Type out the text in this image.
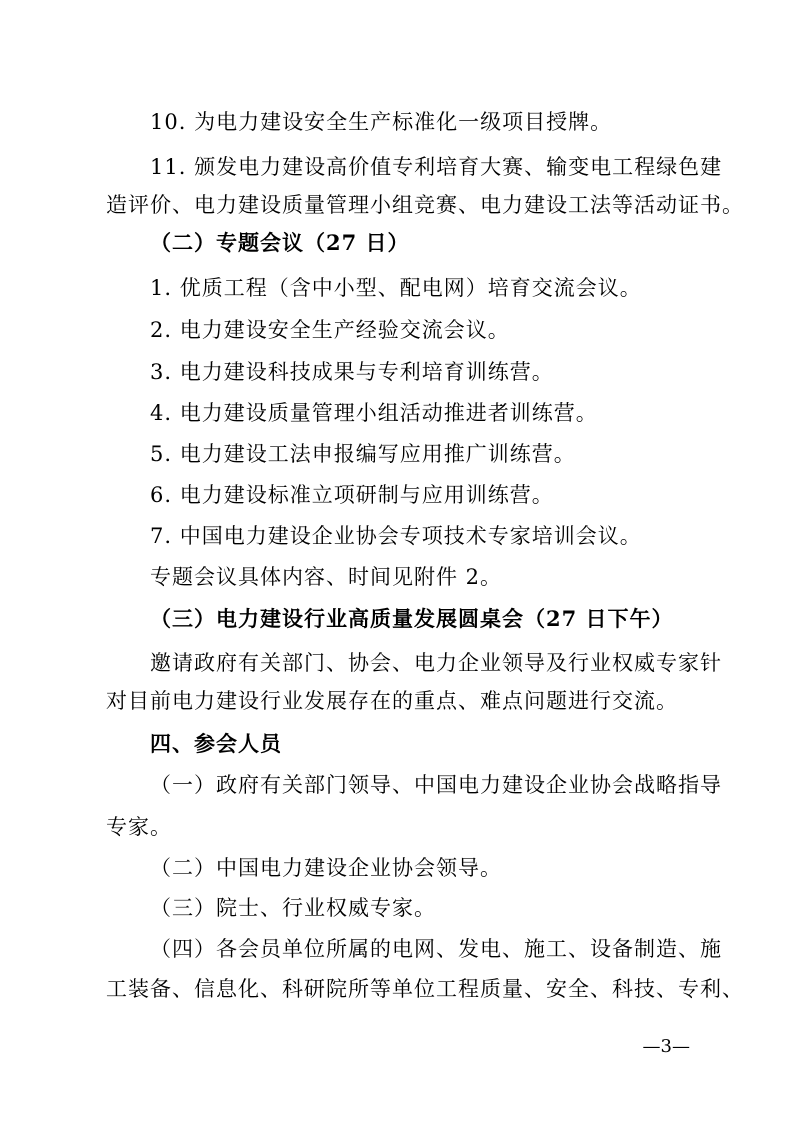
10. 为电力建设安全生产标准化一级项目授牌。
11. 颁发电力建设高价值专利培育大赛、输变电工程绿色建
造评价、电力建设质量管理小组竞赛、电力建设工法等活动证书。
（二）专题会议（27 日）
1. 优质工程（含中小型、配电网）培育交流会议。
2. 电力建设安全生产经验交流会议。
3. 电力建设科技成果与专利培育训练营。
4. 电力建设质量管理小组活动推进者训练营。
5. 电力建设工法申报编写应用推广训练营。
6. 电力建设标准立项研制与应用训练营。
7. 中国电力建设企业协会专项技术专家培训会议。
专题会议具体内容、时间见附件 2。
（三）电力建设行业高质量发展圆桌会（27 日下午）
邀请政府有关部门、协会、电力企业领导及行业权威专家针
对目前电力建设行业发展存在的重点、难点问题进行交流。
四、参会人员
（一）政府有关部门领导、中国电力建设企业协会战略指导
专家。
（二）中国电力建设企业协会领导。
（三）院士、行业权威专家。
（四）各会员单位所属的电网、发电、施工、设备制造、施
工装备、信息化、科研院所等单位工程质量、安全、科技、专利、
—3—
